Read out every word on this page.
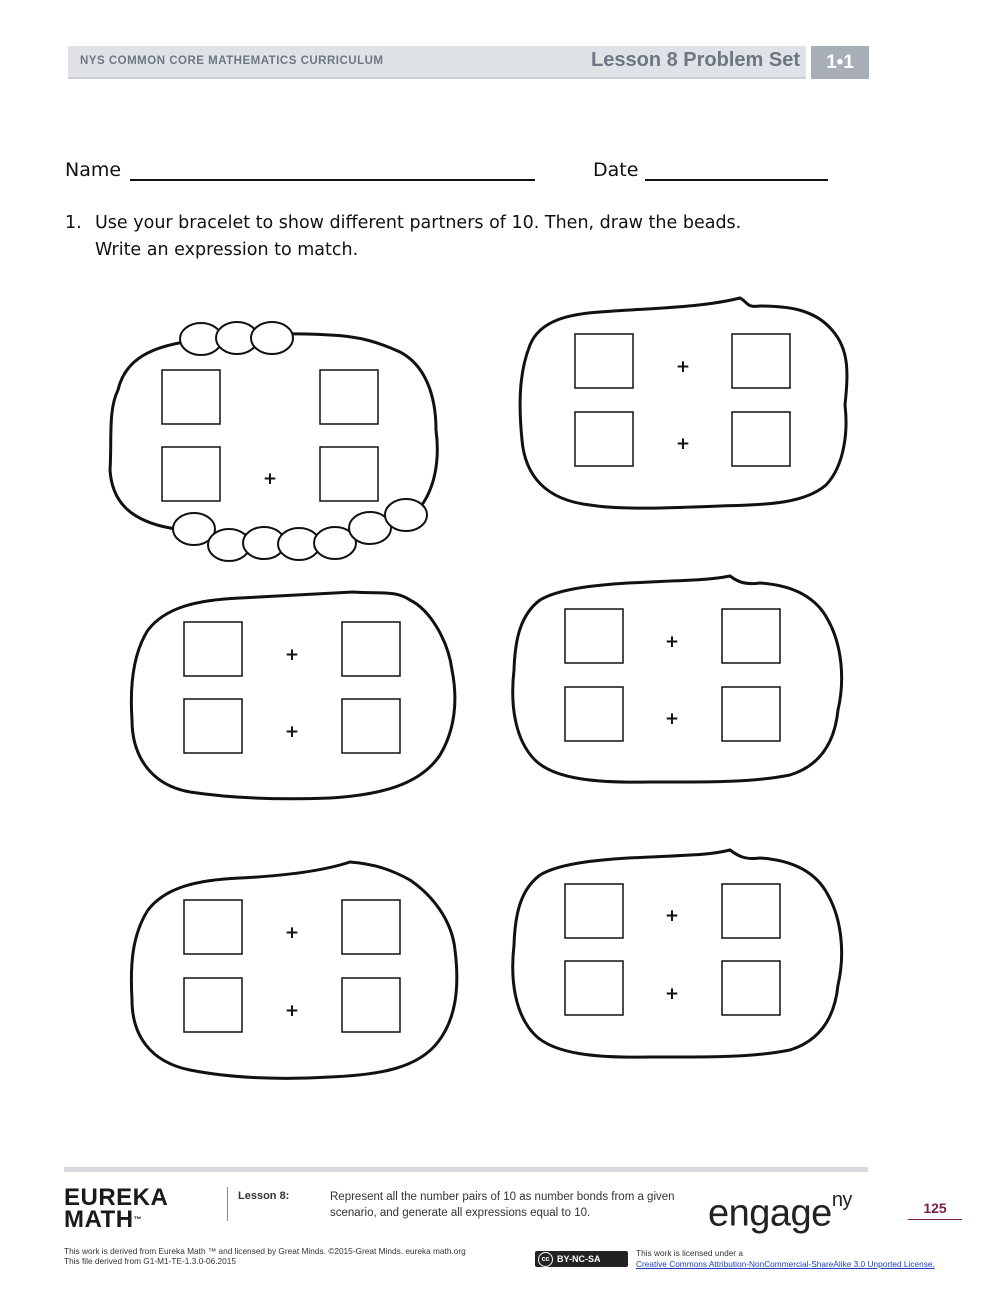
NYS COMMON CORE MATHEMATICS CURRICULUM	Lesson 8 Problem Set	1•1
Name	Date
1. Use your bracelet to show different partners of 10. Then, draw the beads.
Write an expression to match.
+
+
+
+
+
+
+
+
+
+
+
EUREKA
MATH™
Lesson 8:	Represent all the number pairs of 10 as number bonds from a given scenario, and generate all expressions equal to 10.	engage$^{ny}$	125
This work is derived from Eureka Math ™ and licensed by Great Minds. ©2015-Great Minds. eureka math.org
This file derived from G1-M1-TE-1.3.0-06.2015	cc BY-NC-SA
This work is licensed under a
Creative Commons Attribution-NonCommercial-ShareAlike 3.0 Unported License.
